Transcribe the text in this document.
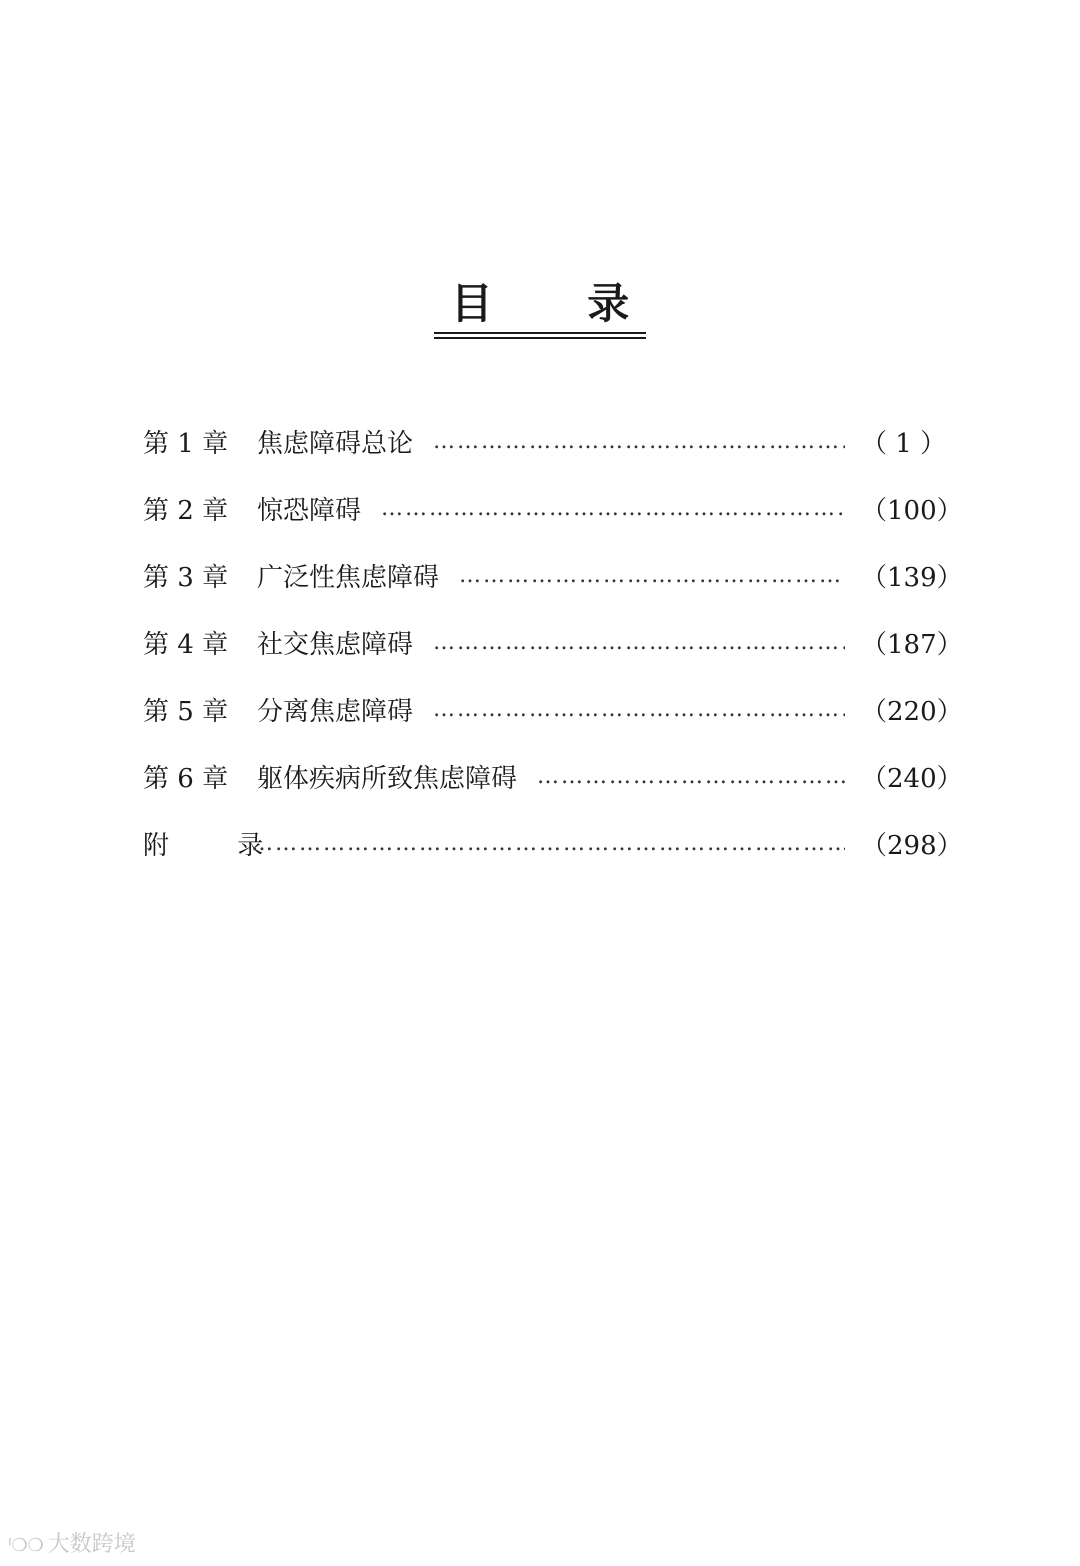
目 录
第 1 章	焦虑障碍总论 ……………………………………………………………………………………………………………………………………	（ 1 ）
第 2 章	惊恐障碍 ……………………………………………………………………………………………………………………………………	（100）
第 3 章	广泛性焦虑障碍 ……………………………………………………………………………………………………………………………………	（139）
第 4 章	社交焦虑障碍 ……………………………………………………………………………………………………………………………………	（187）
第 5 章	分离焦虑障碍 ……………………………………………………………………………………………………………………………………	（220）
第 6 章	躯体疾病所致焦虑障碍 ……………………………………………………………………………………………………………………………………	（240）
附 录 ……………………………………………………………………………………………………………………………………	（298）
ᑊ❍❍ 大数跨境
